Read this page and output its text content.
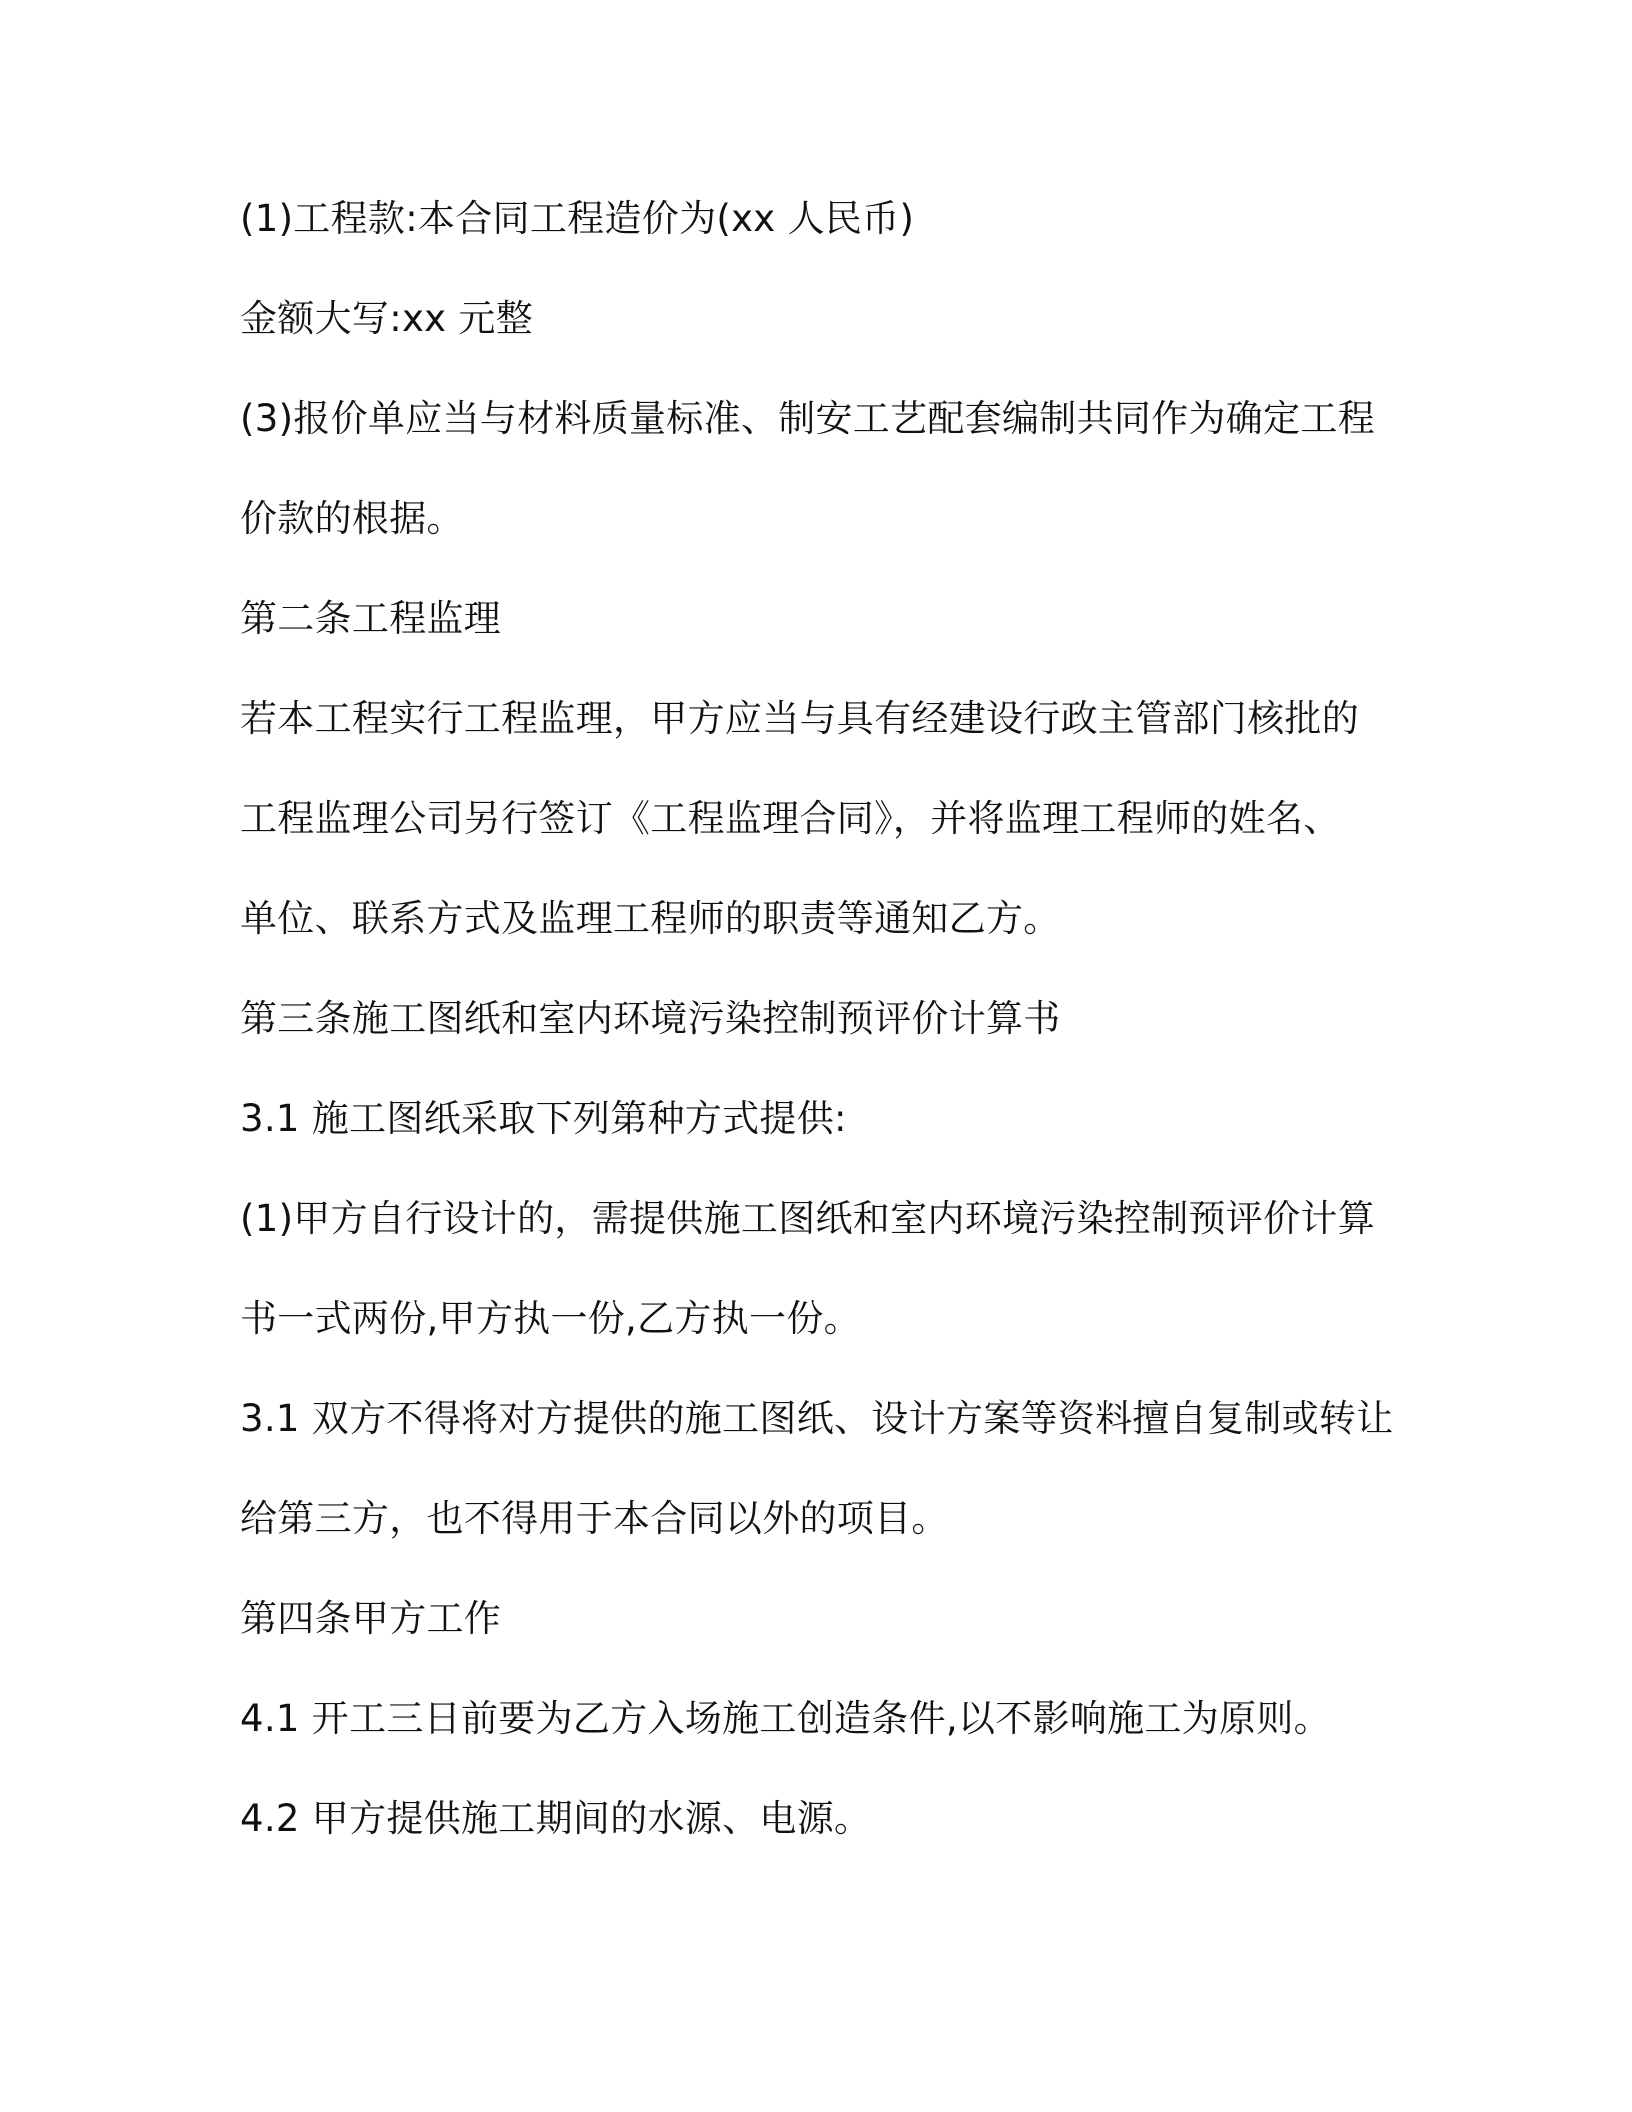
(1)工程款:本合同工程造价为(xx 人民币)

金额大写:xx 元整

(3)报价单应当与材料质量标准、制安工艺配套编制共同作为确定工程

价款的根据。

第二条工程监理

若本工程实行工程监理，甲方应当与具有经建设行政主管部门核批的

工程监理公司另行签订《工程监理合同》，并将监理工程师的姓名、

单位、联系方式及监理工程师的职责等通知乙方。

第三条施工图纸和室内环境污染控制预评价计算书

3.1 施工图纸采取下列第种方式提供:

(1)甲方自行设计的，需提供施工图纸和室内环境污染控制预评价计算

书一式两份,甲方执一份,乙方执一份。

3.1 双方不得将对方提供的施工图纸、设计方案等资料擅自复制或转让

给第三方，也不得用于本合同以外的项目。

第四条甲方工作

4.1 开工三日前要为乙方入场施工创造条件,以不影响施工为原则。

4.2 甲方提供施工期间的水源、电源。
